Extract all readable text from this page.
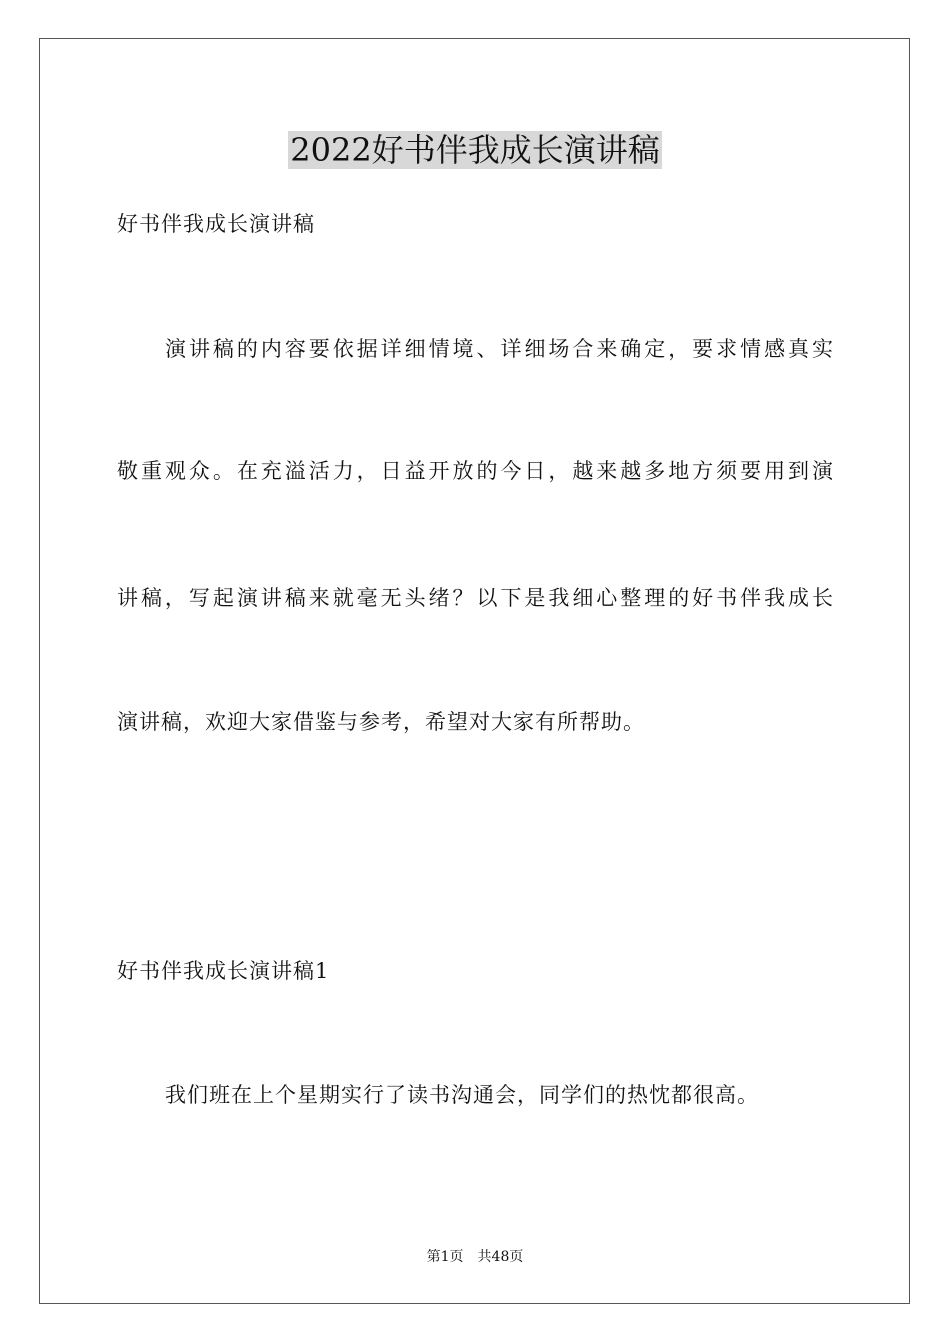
2022好书伴我成长演讲稿
好书伴我成长演讲稿
演讲稿的内容要依据详细情境、详细场合来确定，要求情感真实
敬重观众。在充溢活力，日益开放的今日，越来越多地方须要用到演
讲稿，写起演讲稿来就毫无头绪？以下是我细心整理的好书伴我成长
演讲稿，欢迎大家借鉴与参考，希望对大家有所帮助。
好书伴我成长演讲稿1
我们班在上个星期实行了读书沟通会，同学们的热忱都很高。
第1页　共48页
